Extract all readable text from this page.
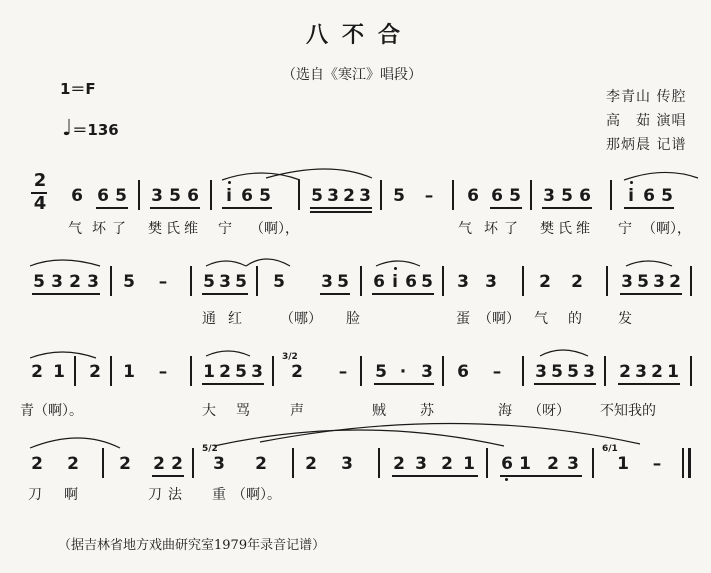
八不合
（选自《寒江》唱段）
1＝F
♩＝136
李青山 传腔
高　茹 演唱
那炳晨 记谱
2
4 6 6 5 3 5 6 i 6 5 5 3 2 3 5 – 6 6 5 3 5 6 i 6 5
气 坏 了 樊 氏 维 宁 （啊），	气 坏 了 樊 氏 维 宁 （啊），
5 3 2 3 5 – 5 3 5 5 3 5 6 i 6 5 3 3 2 2 3 5 3 2
通 红	（哪） 脸	蛋 （啊） 气 的	发
2 1 2 1 – 1 2 5 3
3/2
2 – 5 · 3 6 – 3 5 5 3 2 3 2 1
青（啊）。	大 骂	声	贼 苏	海 （呀） 不知我的
2 2 2 2 2
5/2
3 2 2 3 2 3 2 1 6 1 2 3
6/1
1 –
刀 啊	刀 法 重 （啊）。
（据吉林省地方戏曲研究室1979年录音记谱）
